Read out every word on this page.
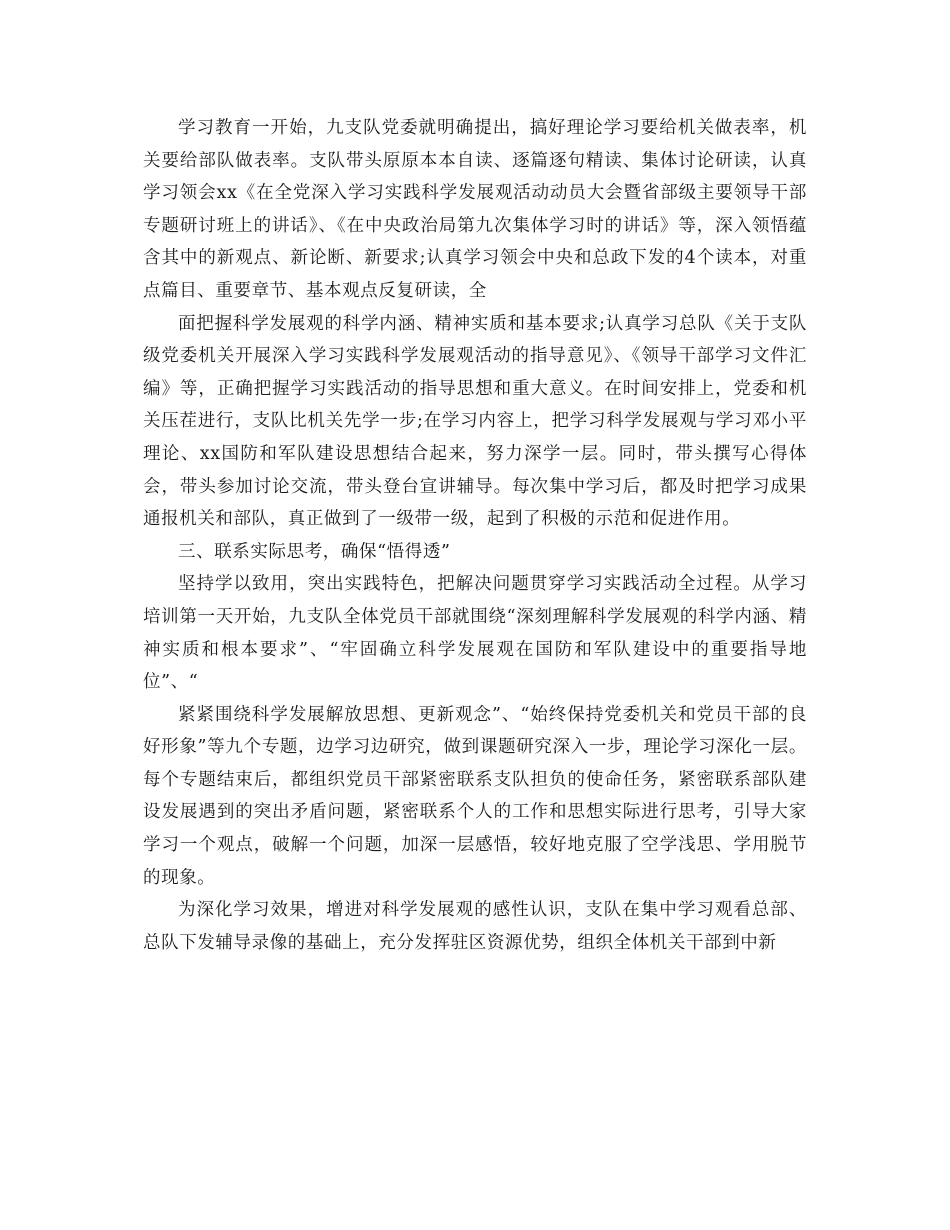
学习教育一开始，九支队党委就明确提出，搞好理论学习要给机关做表率，机关要给部队做表率。支队带头原原本本自读、逐篇逐句精读、集体讨论研读，认真学习领会xx《在全党深入学习实践科学发展观活动动员大会暨省部级主要领导干部专题研讨班上的讲话》、《在中央政治局第九次集体学习时的讲话》等，深入领悟蕴含其中的新观点、新论断、新要求;认真学习领会中央和总政下发的4个读本，对重点篇目、重要章节、基本观点反复研读，全

面把握科学发展观的科学内涵、精神实质和基本要求;认真学习总队《关于支队级党委机关开展深入学习实践科学发展观活动的指导意见》、《领导干部学习文件汇编》等，正确把握学习实践活动的指导思想和重大意义。在时间安排上，党委和机关压茬进行，支队比机关先学一步;在学习内容上，把学习科学发展观与学习邓小平理论、xx国防和军队建设思想结合起来，努力深学一层。同时，带头撰写心得体会，带头参加讨论交流，带头登台宣讲辅导。每次集中学习后，都及时把学习成果通报机关和部队，真正做到了一级带一级，起到了积极的示范和促进作用。

三、联系实际思考，确保“悟得透”

坚持学以致用，突出实践特色，把解决问题贯穿学习实践活动全过程。从学习培训第一天开始，九支队全体党员干部就围绕“深刻理解科学发展观的科学内涵、精神实质和根本要求”、“牢固确立科学发展观在国防和军队建设中的重要指导地位”、“

紧紧围绕科学发展解放思想、更新观念”、“始终保持党委机关和党员干部的良好形象”等九个专题，边学习边研究，做到课题研究深入一步，理论学习深化一层。每个专题结束后，都组织党员干部紧密联系支队担负的使命任务，紧密联系部队建设发展遇到的突出矛盾问题，紧密联系个人的工作和思想实际进行思考，引导大家学习一个观点，破解一个问题，加深一层感悟，较好地克服了空学浅思、学用脱节的现象。

为深化学习效果，增进对科学发展观的感性认识，支队在集中学习观看总部、总队下发辅导录像的基础上，充分发挥驻区资源优势，组织全体机关干部到中新
